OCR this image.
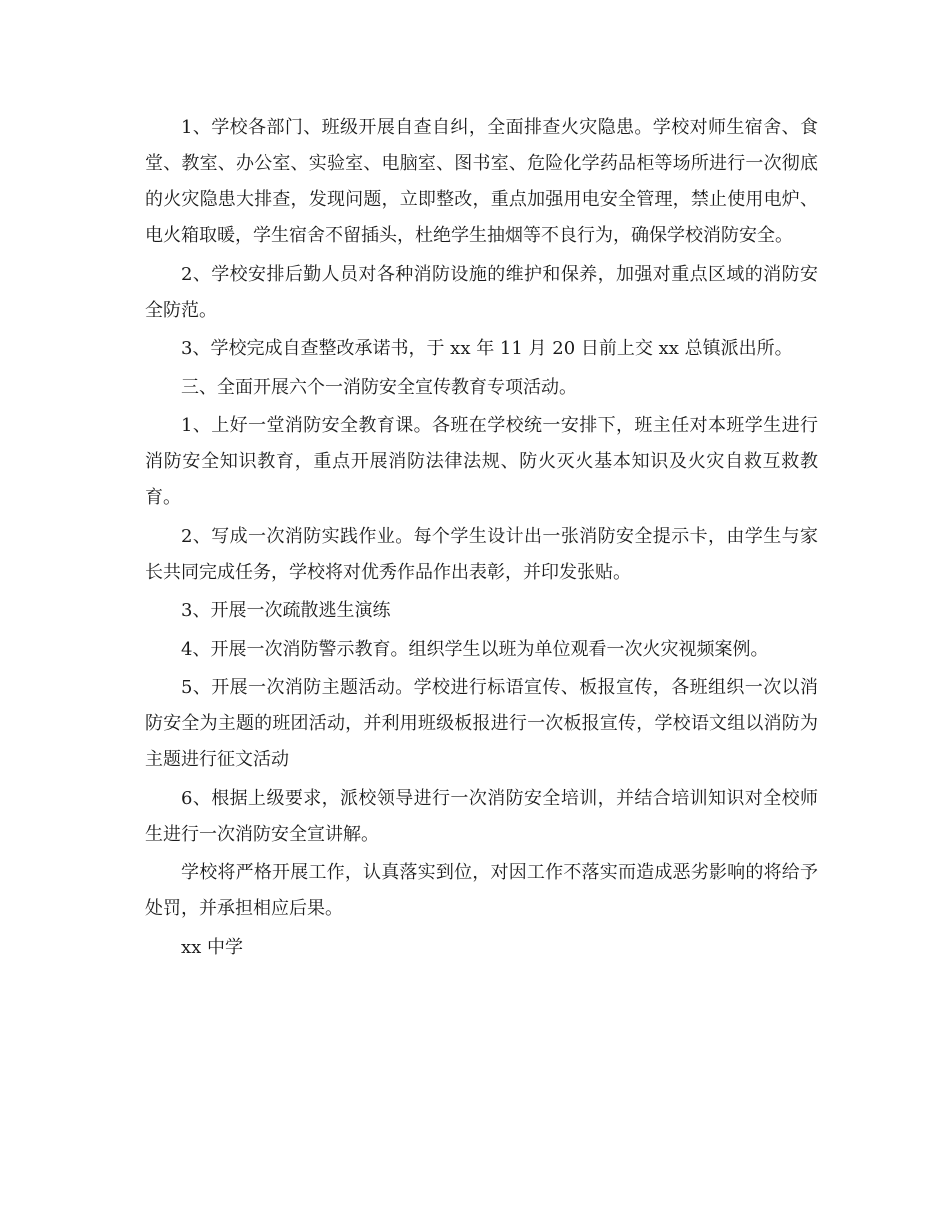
1、学校各部门、班级开展自查自纠，全面排查火灾隐患。学校对师生宿舍、食堂、教室、办公室、实验室、电脑室、图书室、危险化学药品柜等场所进行一次彻底的火灾隐患大排查，发现问题，立即整改，重点加强用电安全管理，禁止使用电炉、电火箱取暖，学生宿舍不留插头，杜绝学生抽烟等不良行为，确保学校消防安全。

2、学校安排后勤人员对各种消防设施的维护和保养，加强对重点区域的消防安全防范。

3、学校完成自查整改承诺书，于 xx 年 11 月 20 日前上交 xx 总镇派出所。

三、全面开展六个一消防安全宣传教育专项活动。

1、上好一堂消防安全教育课。各班在学校统一安排下，班主任对本班学生进行消防安全知识教育，重点开展消防法律法规、防火灭火基本知识及火灾自救互救教育。

2、写成一次消防实践作业。每个学生设计出一张消防安全提示卡，由学生与家长共同完成任务，学校将对优秀作品作出表彰，并印发张贴。

3、开展一次疏散逃生演练

4、开展一次消防警示教育。组织学生以班为单位观看一次火灾视频案例。

5、开展一次消防主题活动。学校进行标语宣传、板报宣传，各班组织一次以消防安全为主题的班团活动，并利用班级板报进行一次板报宣传，学校语文组以消防为主题进行征文活动

6、根据上级要求，派校领导进行一次消防安全培训，并结合培训知识对全校师生进行一次消防安全宣讲解。

学校将严格开展工作，认真落实到位，对因工作不落实而造成恶劣影响的将给予处罚，并承担相应后果。

xx 中学
